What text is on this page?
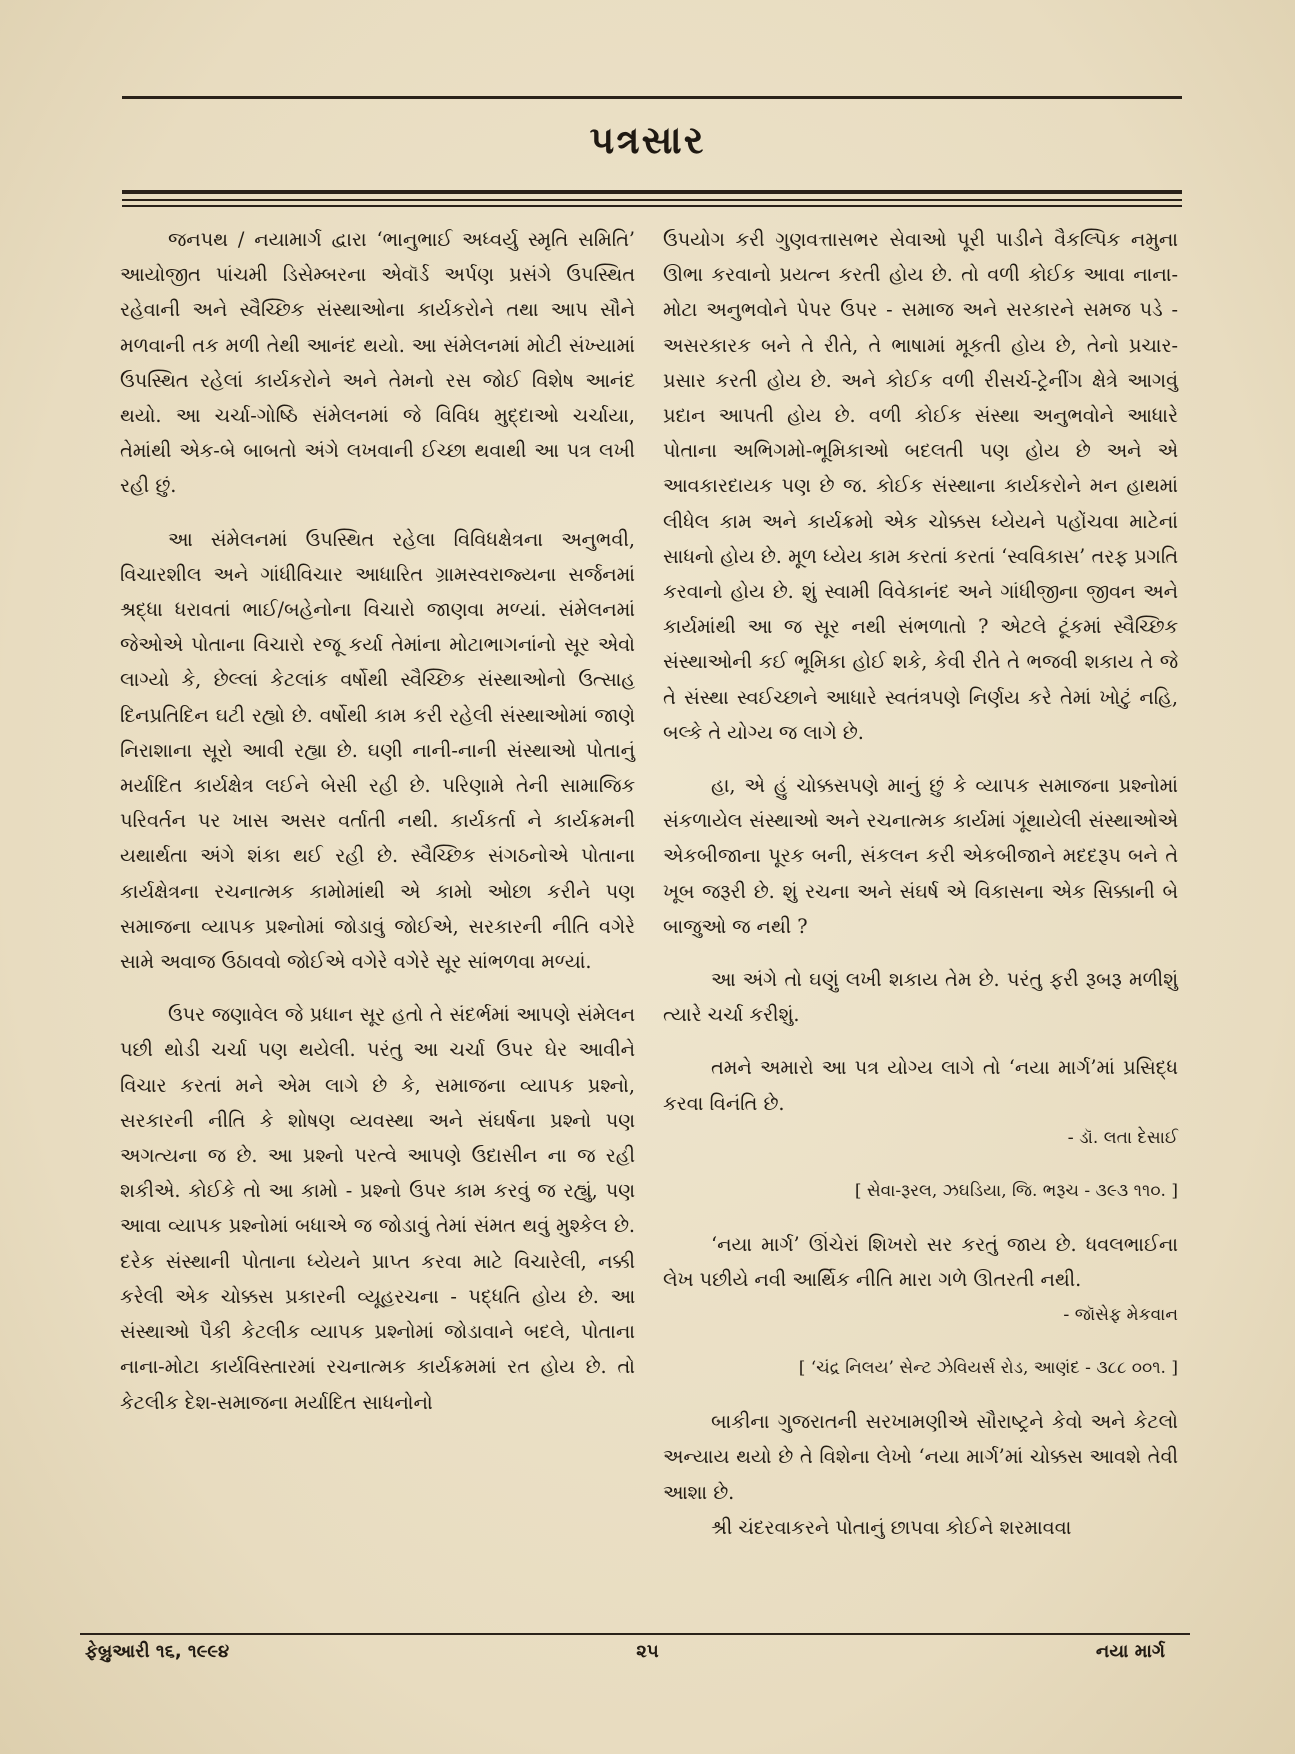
પત્રસાર

જનપથ / નયામાર્ગ દ્વારા ‘ભાનુભાઈ અધ્વર્યુ સ્મૃતિ સમિતિ’ આયોજીત પાંચમી ડિસેમ્બરના એવૉર્ડ અર્પણ પ્રસંગે ઉપસ્થિત રહેવાની અને સ્વૈચ્છિક સંસ્થાઓના કાર્યકરોને તથા આપ સૌને મળવાની તક મળી તેથી આનંદ થયો. આ સંમેલનમાં મોટી સંખ્યામાં ઉપસ્થિત રહેલાં કાર્યકરોને અને તેમનો રસ જોઈ વિશેષ આનંદ થયો. આ ચર્ચા-ગોષ્ઠિ સંમેલનમાં જે વિવિધ મુદ્દાઓ ચર્ચાયા, તેમાંથી એક-બે બાબતો અંગે લખવાની ઈચ્છા થવાથી આ પત્ર લખી રહી છું.

આ સંમેલનમાં ઉપસ્થિત રહેલા વિવિધક્ષેત્રના અનુભવી, વિચારશીલ અને ગાંધીવિચાર આધારિત ગ્રામસ્વરાજ્યના સર્જનમાં શ્રદ્ધા ધરાવતાં ભાઈ/બહેનોના વિચારો જાણવા મળ્યાં. સંમેલનમાં જેઓએ પોતાના વિચારો રજૂ કર્યા તેમાંના મોટાભાગનાંનો સૂર એવો લાગ્યો કે, છેલ્લાં કેટલાંક વર્ષોથી સ્વૈચ્છિક સંસ્થાઓનો ઉત્સાહ દિનપ્રતિદિન ઘટી રહ્યો છે. વર્ષોથી કામ કરી રહેલી સંસ્થાઓમાં જાણે નિરાશાના સૂરો આવી રહ્યા છે. ઘણી નાની-નાની સંસ્થાઓ પોતાનું મર્યાદિત કાર્યક્ષેત્ર લઈને બેસી રહી છે. પરિણામે તેની સામાજિક પરિવર્તન પર ખાસ અસર વર્તાતી નથી. કાર્યકર્તા ને કાર્યક્રમની યથાર્થતા અંગે શંકા થઈ રહી છે. સ્વૈચ્છિક સંગઠનોએ પોતાના કાર્યક્ષેત્રના રચનાત્મક કામોમાંથી એ કામો ઓછા કરીને પણ સમાજના વ્યાપક પ્રશ્નોમાં જોડાવું જોઈએ, સરકારની નીતિ વગેરે સામે અવાજ ઉઠાવવો જોઈએ વગેરે વગેરે સૂર સાંભળવા મળ્યાં.

ઉપર જણાવેલ જે પ્રધાન સૂર હતો તે સંદર્ભમાં આપણે સંમેલન પછી થોડી ચર્ચા પણ થયેલી. પરંતુ આ ચર્ચા ઉપર ઘેર આવીને વિચાર કરતાં મને એમ લાગે છે કે, સમાજના વ્યાપક પ્રશ્નો, સરકારની નીતિ કે શોષણ વ્યવસ્થા અને સંઘર્ષના પ્રશ્નો પણ અગત્યના જ છે. આ પ્રશ્નો પરત્વે આપણે ઉદાસીન ના જ રહી શકીએ. કોઈકે તો આ કામો - પ્રશ્નો ઉપર કામ કરવું જ રહ્યું, પણ આવા વ્યાપક પ્રશ્નોમાં બધાએ જ જોડાવું તેમાં સંમત થવું મુશ્કેલ છે. દરેક સંસ્થાની પોતાના ધ્યેયને પ્રાપ્ત કરવા માટે વિચારેલી, નક્કી કરેલી એક ચોક્કસ પ્રકારની વ્યૂહરચના - પદ્ધતિ હોય છે. આ સંસ્થાઓ પૈકી કેટલીક વ્યાપક પ્રશ્નોમાં જોડાવાને બદલે, પોતાના નાના-મોટા કાર્યવિસ્તારમાં રચનાત્મક કાર્યક્રમમાં રત હોય છે. તો કેટલીક દેશ-સમાજના મર્યાદિત સાધનોનો

ઉપયોગ કરી ગુણવત્તાસભર સેવાઓ પૂરી પાડીને વૈકલ્પિક નમુના ઊભા કરવાનો પ્રયત્ન કરતી હોય છે. તો વળી કોઈક આવા નાના-મોટા અનુભવોને પેપર ઉપર - સમાજ અને સરકારને સમજ પડે - અસરકારક બને તે રીતે, તે ભાષામાં મૂકતી હોય છે, તેનો પ્રચાર-પ્રસાર કરતી હોય છે. અને કોઈક વળી રીસર્ચ-ટ્રેનીંગ ક્ષેત્રે આગવું પ્રદાન આપતી હોય છે. વળી કોઈક સંસ્થા અનુભવોને આધારે પોતાના અભિગમો-ભૂમિકાઓ બદલતી પણ હોય છે અને એ આવકારદાયક પણ છે જ. કોઈક સંસ્થાના કાર્યકરોને મન હાથમાં લીધેલ કામ અને કાર્યક્રમો એક ચોક્કસ ધ્યેયને પહોંચવા માટેનાં સાધનો હોય છે. મૂળ ધ્યેય કામ કરતાં કરતાં ‘સ્વવિકાસ’ તરફ પ્રગતિ કરવાનો હોય છે. શું સ્વામી વિવેકાનંદ અને ગાંધીજીના જીવન અને કાર્યમાંથી આ જ સૂર નથી સંભળાતો ? એટલે ટૂંકમાં સ્વૈચ્છિક સંસ્થાઓની કઈ ભૂમિકા હોઈ શકે, કેવી રીતે તે ભજવી શકાય તે જે તે સંસ્થા સ્વઈચ્છાને આધારે સ્વતંત્રપણે નિર્ણય કરે તેમાં ખોટું નહિ, બલ્કે તે યોગ્ય જ લાગે છે.

હા, એ હું ચોક્કસપણે માનું છું કે વ્યાપક સમાજના પ્રશ્નોમાં સંકળાયેલ સંસ્થાઓ અને રચનાત્મક કાર્યમાં ગૂંથાયેલી સંસ્થાઓએ એકબીજાના પૂરક બની, સંકલન કરી એકબીજાને મદદરૂપ બને તે ખૂબ જરૂરી છે. શું રચના અને સંઘર્ષ એ વિકાસના એક સિક્કાની બે બાજુઓ જ નથી ?

આ અંગે તો ઘણું લખી શકાય તેમ છે. પરંતુ ફરી રૂબરૂ મળીશું ત્યારે ચર્ચા કરીશું.

તમને અમારો આ પત્ર યોગ્ય લાગે તો ‘નયા માર્ગ’માં પ્રસિદ્ધ કરવા વિનંતિ છે.

- ડૉ. લતા દેસાઈ

[ સેવા-રૂરલ, ઝઘડિયા, જિ. ભરૂચ - ૩૯૩ ૧૧૦. ]

‘નયા માર્ગ’ ઊંચેરાં શિખરો સર કરતું જાય છે. ધવલભાઈના લેખ પછીયે નવી આર્થિક નીતિ મારા ગળે ઊતરતી નથી.

- જૉસેફ મેકવાન

[ ‘ચંદ્ર નિલય’ સેન્ટ ઝેવિયર્સ રોડ, આણંદ - ૩૮૮ ૦૦૧. ]

બાકીના ગુજરાતની સરખામણીએ સૌરાષ્ટ્રને કેવો અને કેટલો અન્યાય થયો છે તે વિશેના લેખો ‘નયા માર્ગ’માં ચોક્કસ આવશે તેવી આશા છે.

શ્રી ચંદરવાકરને પોતાનું છાપવા કોઈને શરમાવવા

ફેબ્રુઆરી ૧૬, ૧૯૯૪	૨૫	નયા માર્ગ
